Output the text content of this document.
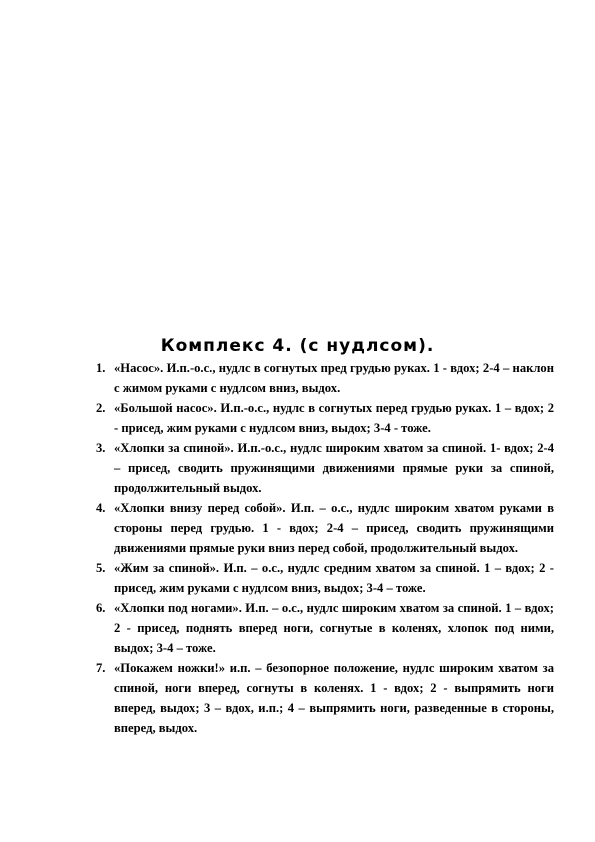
Комплекс 4. (с нудлсом).
1. «Насос». И.п.-о.с., нудлс в согнутых пред грудью руках. 1 - вдох; 2-4 – наклон с жимом руками с нудлсом вниз, выдох.
2. «Большой насос». И.п.-о.с., нудлс в согнутых перед грудью руках. 1 – вдох; 2 - присед, жим руками с нудлсом вниз, выдох; 3-4 - тоже.
3. «Хлопки за спиной». И.п.-о.с., нудлс широким хватом за спиной. 1- вдох; 2-4 – присед, сводить пружинящими движениями прямые руки за спиной, продолжительный выдох.
4. «Хлопки внизу перед собой». И.п. – о.с., нудлс широким хватом руками в стороны перед грудью. 1 - вдох; 2-4 – присед, сводить пружинящими движениями прямые руки вниз перед собой, продолжительный выдох.
5. «Жим за спиной». И.п. – о.с., нудлс средним хватом за спиной. 1 – вдох; 2 - присед, жим руками с нудлсом вниз, выдох; 3-4 – тоже.
6. «Хлопки под ногами». И.п. – о.с., нудлс широким хватом за спиной. 1 – вдох; 2 - присед, поднять вперед ноги, согнутые в коленях, хлопок под ними, выдох; 3-4 – тоже.
7. «Покажем ножки!» и.п. – безопорное положение, нудлс широким хватом за спиной, ноги вперед, согнуты в коленях. 1 - вдох; 2 - выпрямить ноги вперед, выдох; 3 – вдох, и.п.; 4 – выпрямить ноги, разведенные в стороны, вперед, выдох.
